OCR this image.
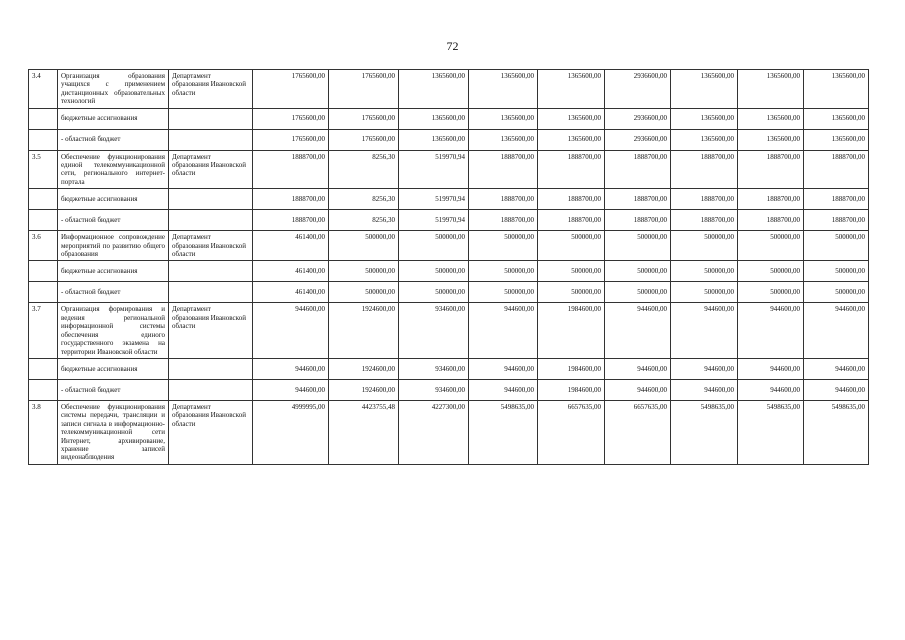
72
3.4	Организация образования учащихся с применением дистанционных образовательных технологий	Департамент образования Ивановской области	1765600,00	1765600,00	1365600,00	1365600,00	1365600,00	2936600,00	1365600,00	1365600,00	1365600,00
	бюджетные ассигнования		1765600,00	1765600,00	1365600,00	1365600,00	1365600,00	2936600,00	1365600,00	1365600,00	1365600,00
	- областной бюджет		1765600,00	1765600,00	1365600,00	1365600,00	1365600,00	2936600,00	1365600,00	1365600,00	1365600,00
3.5	Обеспечение функционирования единой телекоммуникационной сети, регионального интернет-портала	Департамент образования Ивановской области	1888700,00	8256,30	519970,94	1888700,00	1888700,00	1888700,00	1888700,00	1888700,00	1888700,00
	бюджетные ассигнования		1888700,00	8256,30	519970,94	1888700,00	1888700,00	1888700,00	1888700,00	1888700,00	1888700,00
	- областной бюджет		1888700,00	8256,30	519970,94	1888700,00	1888700,00	1888700,00	1888700,00	1888700,00	1888700,00
3.6	Информационное сопровождение мероприятий по развитию общего образования	Департамент образования Ивановской области	461400,00	500000,00	500000,00	500000,00	500000,00	500000,00	500000,00	500000,00	500000,00
	бюджетные ассигнования		461400,00	500000,00	500000,00	500000,00	500000,00	500000,00	500000,00	500000,00	500000,00
	- областной бюджет		461400,00	500000,00	500000,00	500000,00	500000,00	500000,00	500000,00	500000,00	500000,00
3.7	Организация формирования и ведения региональной информационной системы обеспечения единого государственного экзамена на территории Ивановской области	Департамент образования Ивановской области	944600,00	1924600,00	934600,00	944600,00	1984600,00	944600,00	944600,00	944600,00	944600,00
	бюджетные ассигнования		944600,00	1924600,00	934600,00	944600,00	1984600,00	944600,00	944600,00	944600,00	944600,00
	- областной бюджет		944600,00	1924600,00	934600,00	944600,00	1984600,00	944600,00	944600,00	944600,00	944600,00
3.8	Обеспечение функционирования системы передачи, трансляции и записи сигнала в информационно-телекоммуникационной сети Интернет, архивирование, хранение записей видеонаблюдения	Департамент образования Ивановской области	4999995,00	4423755,48	4227300,00	5498635,00	6657635,00	6657635,00	5498635,00	5498635,00	5498635,00
